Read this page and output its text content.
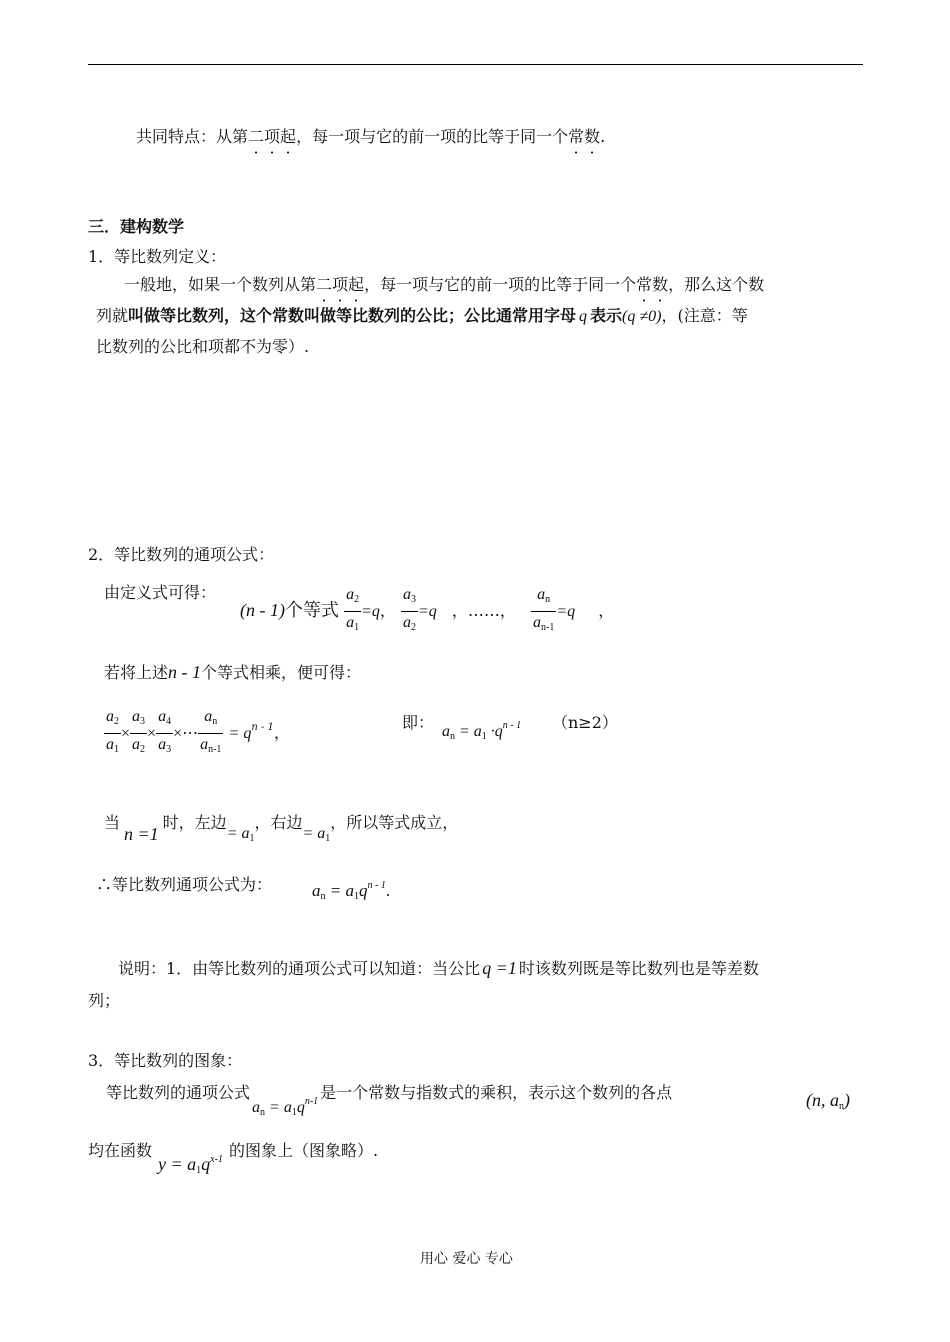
共同特点：从第二项起，每一项与它的前一项的比等于同一个常数.
三．建构数学
1．等比数列定义：
一般地，如果一个数列从第二项起，每一项与它的前一项的比等于同一个常数，那么这个数
列就叫做等比数列，这个常数叫做等比数列的公比；公比通常用字母 q 表示(q ≠0)，(注意：等
比数列的公比和项都不为零）.
2．等比数列的通项公式：
由定义式可得：
(n - 1)个等式 $\frac{a_2}{a_1} =q$， $\frac{a_3}{a_2} =q$ ，……， $\frac{a_n}{a_{n-1}} =q$ ，
若将上述n - 1个等式相乘，便可得：
$\frac{a_2}{a_1} \times \frac{a_3}{a_2} \times \frac{a_4}{a_3}$ ×⋯ $\frac{a_n}{a_{n-1}} = q^{n - 1}$，
即： $a_n = a_1 \cdot q^{n - 1}$ （n≥2）
当n =1时，左边= $a_1$，右边= $a_1$，所以等式成立，
∴等比数列通项公式为： $a_n = a_1q^{n - 1}$.
说明：1．由等比数列的通项公式可以知道：当公比 q =1 时该数列既是等比数列也是等差数
列；
3．等比数列的图象：
等比数列的通项公式$a_n = a_1q^{n-1}$ 是一个常数与指数式的乘积，表示这个数列的各点	(n, $a_n$)
均在函数$y = a_1q^{x-1}$ 的图象上（图象略）.
用心 爱心 专心
